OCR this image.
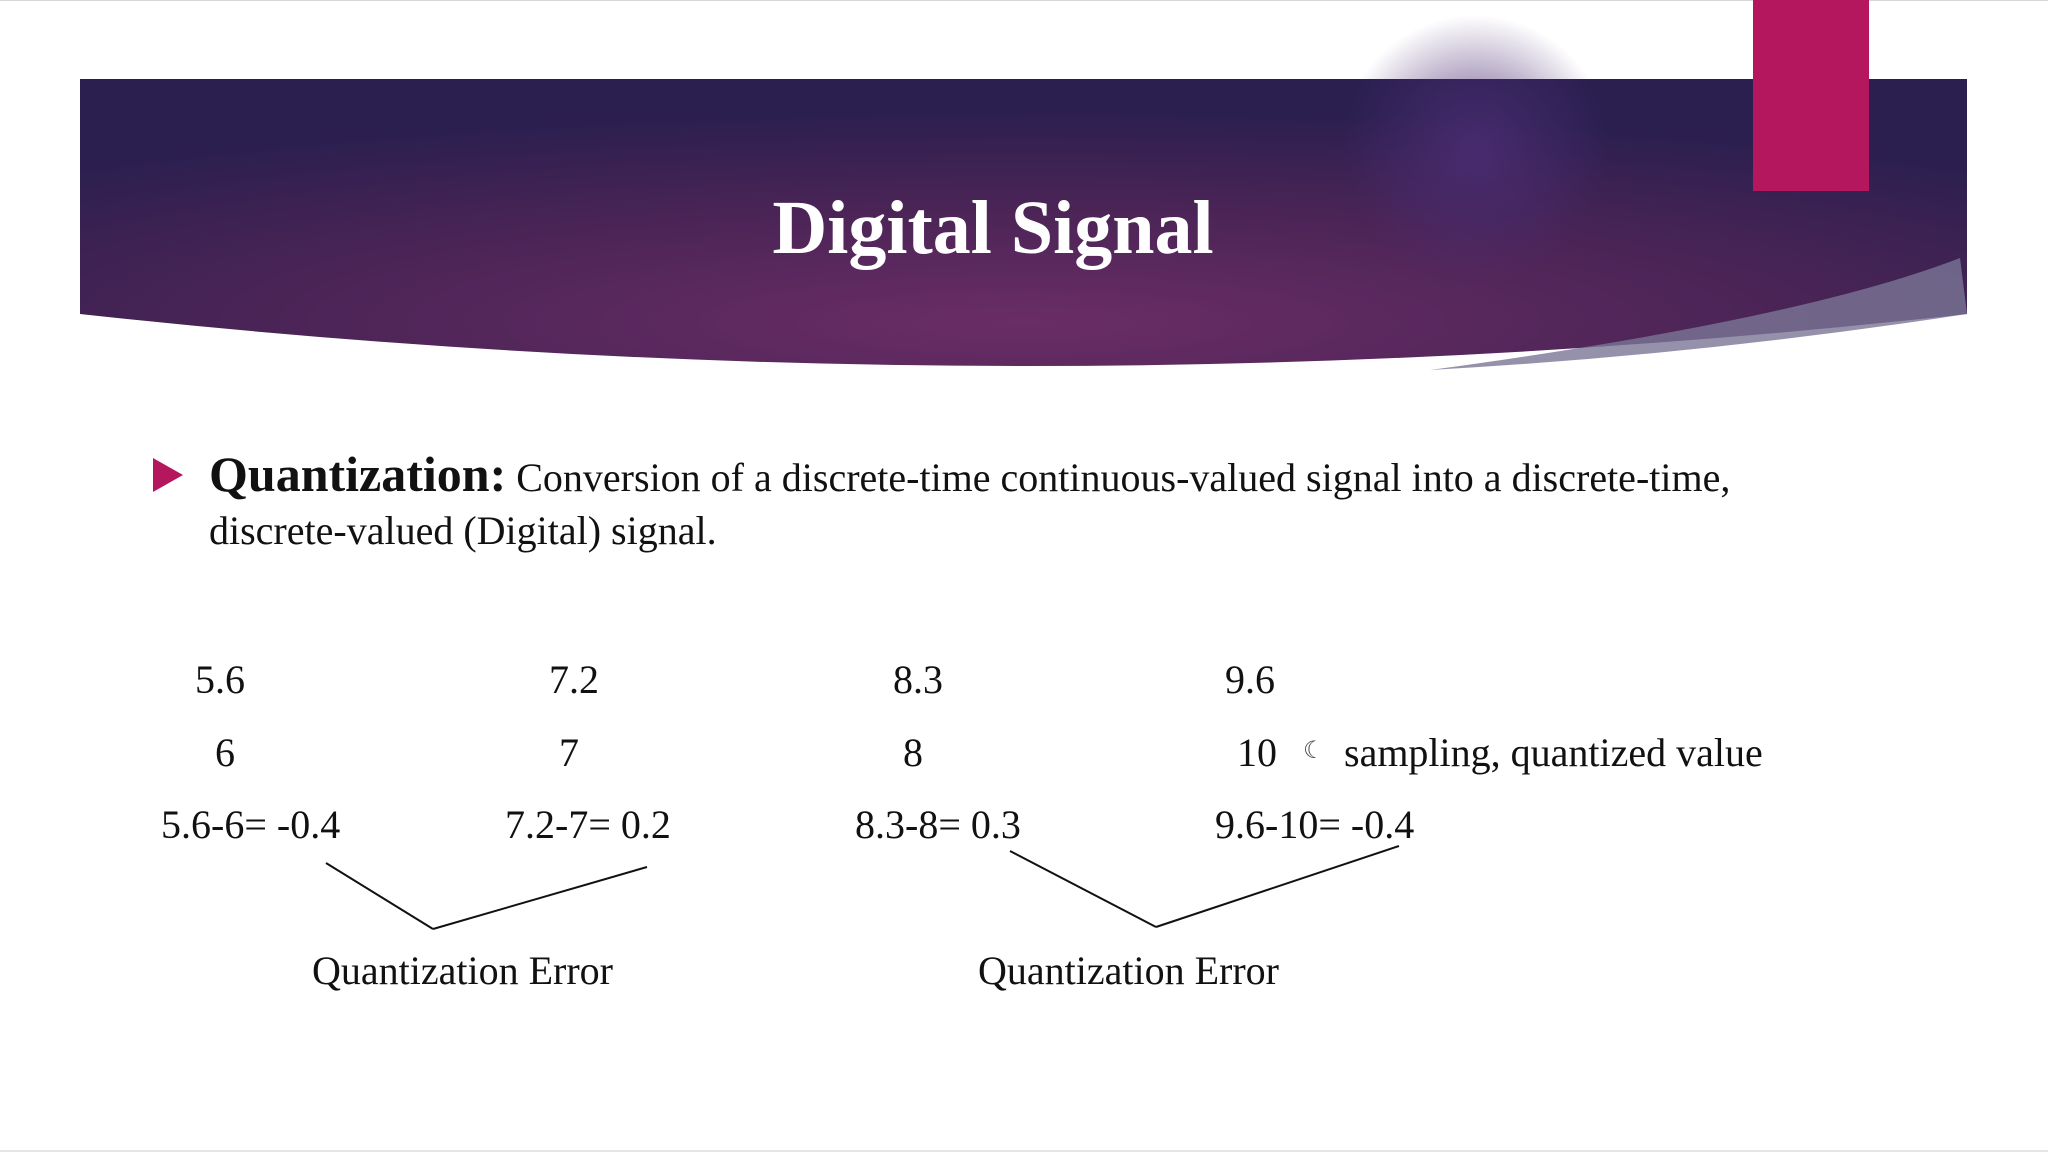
Digital Signal
Quantization: Conversion of a discrete-time continuous-valued signal into a discrete-time, discrete-valued (Digital) signal.
5.6	7.2	8.3	9.6
6	7	8	10 ☾ sampling, quantized value
5.6-6= -0.4	7.2-7= 0.2	8.3-8= 0.3	9.6-10= -0.4
Quantization Error	Quantization Error
